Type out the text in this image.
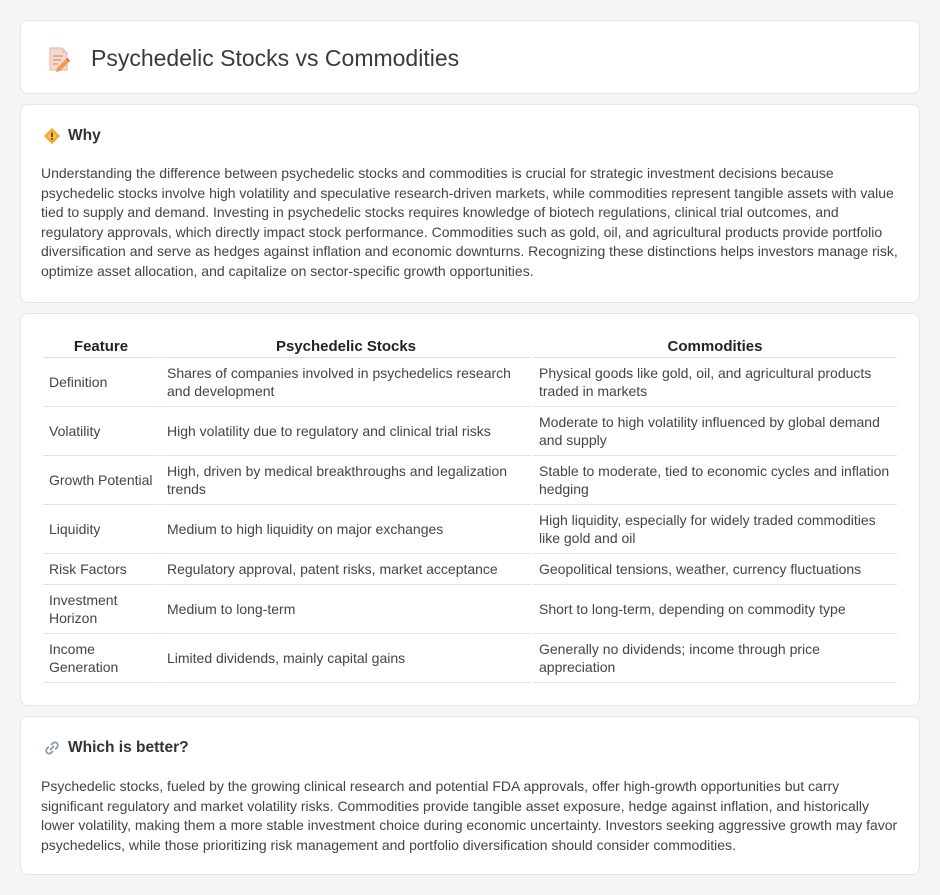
Psychedelic Stocks vs Commodities
Why

Understanding the difference between psychedelic stocks and commodities is crucial for strategic investment decisions because psychedelic stocks involve high volatility and speculative research-driven markets, while commodities represent tangible assets with value tied to supply and demand. Investing in psychedelic stocks requires knowledge of biotech regulations, clinical trial outcomes, and regulatory approvals, which directly impact stock performance. Commodities such as gold, oil, and agricultural products provide portfolio diversification and serve as hedges against inflation and economic downturns. Recognizing these distinctions helps investors manage risk, optimize asset allocation, and capitalize on sector-specific growth opportunities.

Feature	Psychedelic Stocks	Commodities
Definition	Shares of companies involved in psychedelics research and development	Physical goods like gold, oil, and agricultural products traded in markets
Volatility	High volatility due to regulatory and clinical trial risks	Moderate to high volatility influenced by global demand and supply
Growth Potential	High, driven by medical breakthroughs and legalization trends	Stable to moderate, tied to economic cycles and inflation hedging
Liquidity	Medium to high liquidity on major exchanges	High liquidity, especially for widely traded commodities like gold and oil
Risk Factors	Regulatory approval, patent risks, market acceptance	Geopolitical tensions, weather, currency fluctuations
Investment Horizon	Medium to long-term	Short to long-term, depending on commodity type
Income Generation	Limited dividends, mainly capital gains	Generally no dividends; income through price appreciation
Which is better?

Psychedelic stocks, fueled by the growing clinical research and potential FDA approvals, offer high-growth opportunities but carry significant regulatory and market volatility risks. Commodities provide tangible asset exposure, hedge against inflation, and historically lower volatility, making them a more stable investment choice during economic uncertainty. Investors seeking aggressive growth may favor psychedelics, while those prioritizing risk management and portfolio diversification should consider commodities.
